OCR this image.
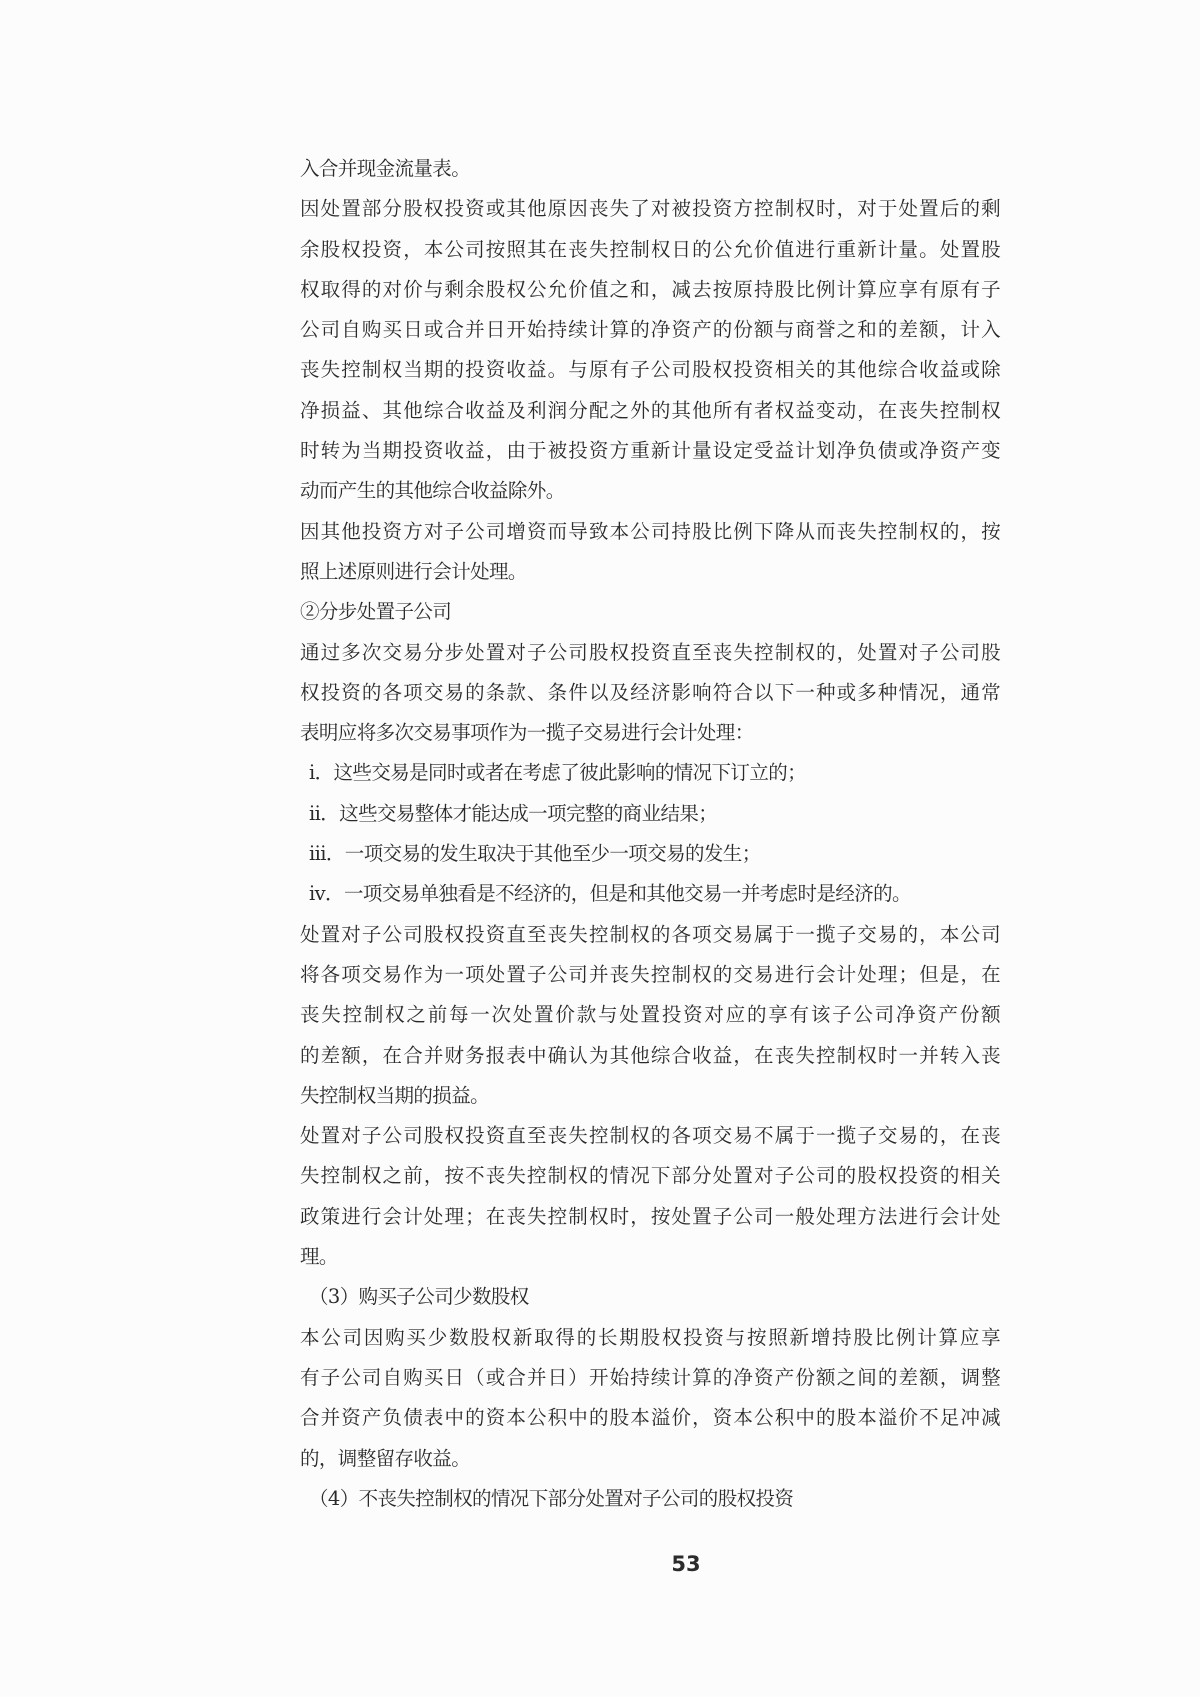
入合并现金流量表。
因处置部分股权投资或其他原因丧失了对被投资方控制权时，对于处置后的剩
余股权投资，本公司按照其在丧失控制权日的公允价值进行重新计量。处置股
权取得的对价与剩余股权公允价值之和，减去按原持股比例计算应享有原有子
公司自购买日或合并日开始持续计算的净资产的份额与商誉之和的差额，计入
丧失控制权当期的投资收益。与原有子公司股权投资相关的其他综合收益或除
净损益、其他综合收益及利润分配之外的其他所有者权益变动，在丧失控制权
时转为当期投资收益，由于被投资方重新计量设定受益计划净负债或净资产变
动而产生的其他综合收益除外。
因其他投资方对子公司增资而导致本公司持股比例下降从而丧失控制权的，按
照上述原则进行会计处理。
②分步处置子公司
通过多次交易分步处置对子公司股权投资直至丧失控制权的，处置对子公司股
权投资的各项交易的条款、条件以及经济影响符合以下一种或多种情况，通常
表明应将多次交易事项作为一揽子交易进行会计处理：
i．这些交易是同时或者在考虑了彼此影响的情况下订立的；
ii．这些交易整体才能达成一项完整的商业结果；
iii．一项交易的发生取决于其他至少一项交易的发生；
iv．一项交易单独看是不经济的，但是和其他交易一并考虑时是经济的。
处置对子公司股权投资直至丧失控制权的各项交易属于一揽子交易的，本公司
将各项交易作为一项处置子公司并丧失控制权的交易进行会计处理；但是，在
丧失控制权之前每一次处置价款与处置投资对应的享有该子公司净资产份额
的差额，在合并财务报表中确认为其他综合收益，在丧失控制权时一并转入丧
失控制权当期的损益。
处置对子公司股权投资直至丧失控制权的各项交易不属于一揽子交易的，在丧
失控制权之前，按不丧失控制权的情况下部分处置对子公司的股权投资的相关
政策进行会计处理；在丧失控制权时，按处置子公司一般处理方法进行会计处
理。
（3）购买子公司少数股权
本公司因购买少数股权新取得的长期股权投资与按照新增持股比例计算应享
有子公司自购买日（或合并日）开始持续计算的净资产份额之间的差额，调整
合并资产负债表中的资本公积中的股本溢价，资本公积中的股本溢价不足冲减
的，调整留存收益。
（4）不丧失控制权的情况下部分处置对子公司的股权投资
53
